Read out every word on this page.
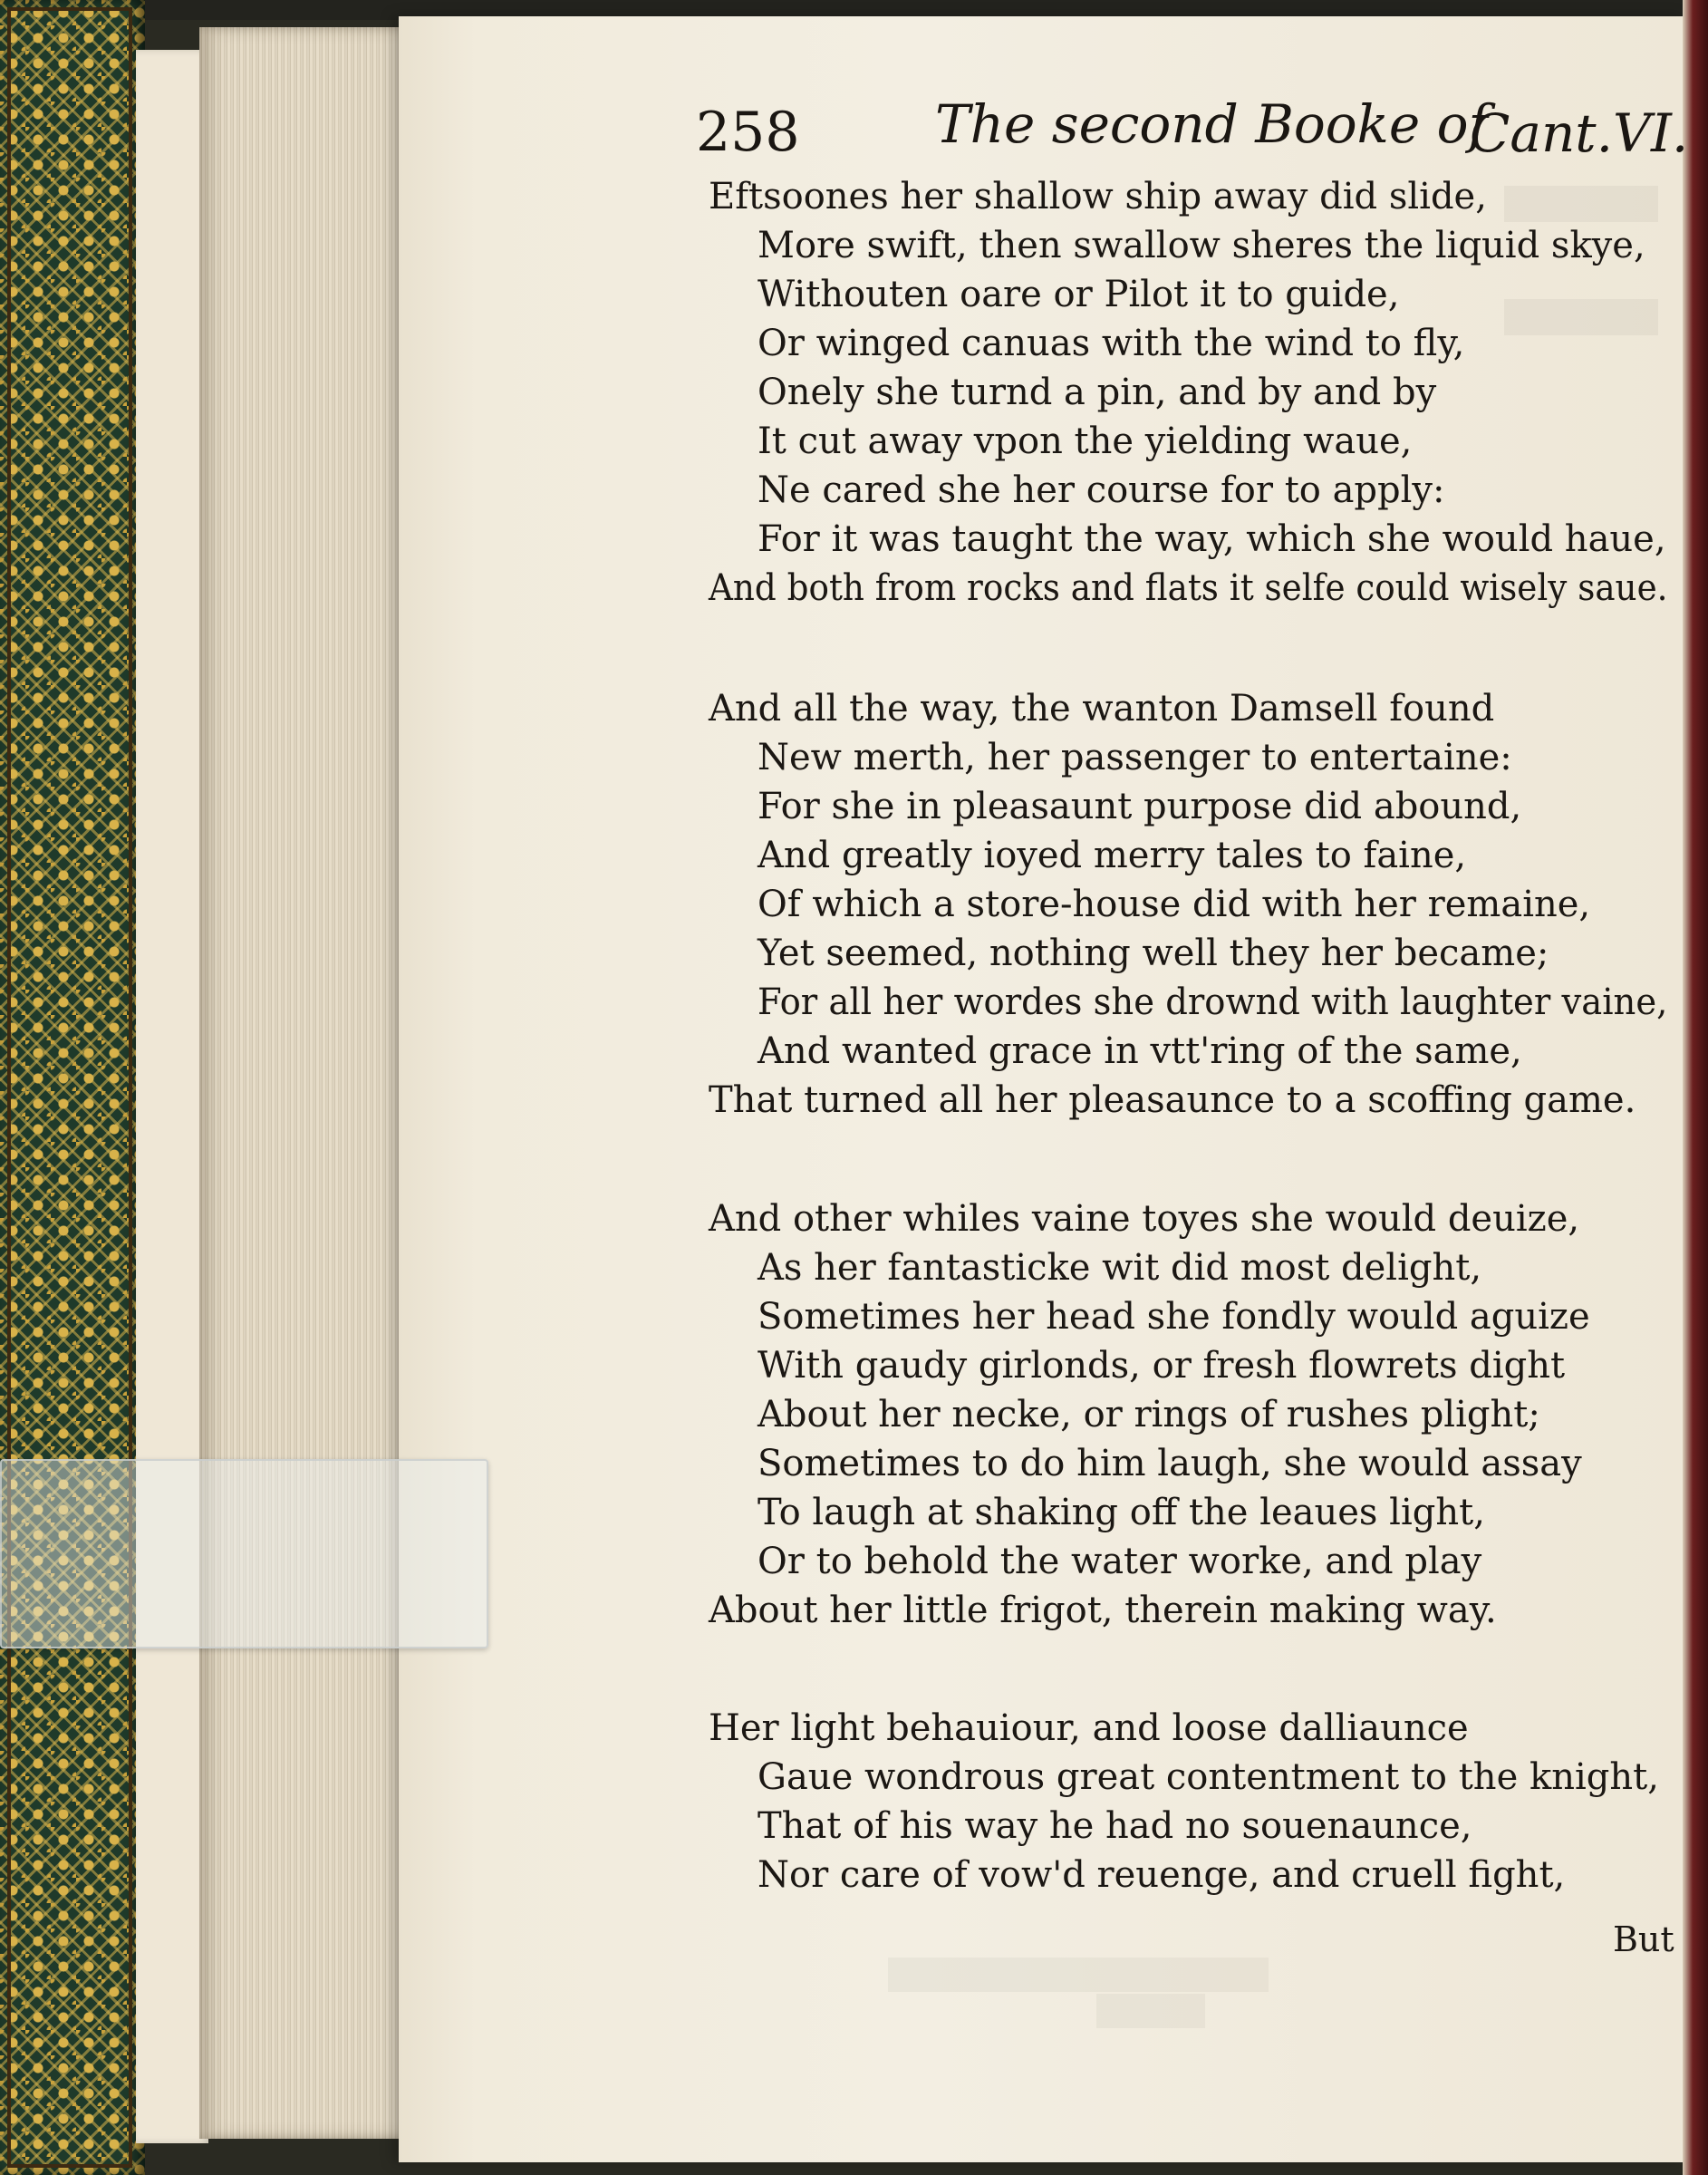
258	The second Booke of
Cant.VI.
Eftsoones her shallow ship away did slide,
More swift, then swallow sheres the liquid skye,
Withouten oare or Pilot it to guide,
Or winged canuas with the wind to fly,
Onely she turnd a pin, and by and by
It cut away vpon the yielding waue,
Ne cared she her course for to apply:
For it was taught the way, which she would haue,
And both from rocks and flats it selfe could wisely saue.
And all the way, the wanton Damsell found
New merth, her passenger to entertaine:
For she in pleasaunt purpose did abound,
And greatly ioyed merry tales to faine,
Of which a store-house did with her remaine,
Yet seemed, nothing well they her became;
For all her wordes she drownd with laughter vaine,
And wanted grace in vtt'ring of the same,
That turned all her pleasaunce to a scoffing game.
And other whiles vaine toyes she would deuize,
As her fantasticke wit did most delight,
Sometimes her head she fondly would aguize
With gaudy girlonds, or fresh flowrets dight
About her necke, or rings of rushes plight;
Sometimes to do him laugh, she would assay
To laugh at shaking off the leaues light,
Or to behold the water worke, and play
About her little frigot, therein making way.
Her light behauiour, and loose dalliaunce
Gaue wondrous great contentment to the knight,
That of his way he had no souenaunce,
Nor care of vow'd reuenge, and cruell fight,
But
